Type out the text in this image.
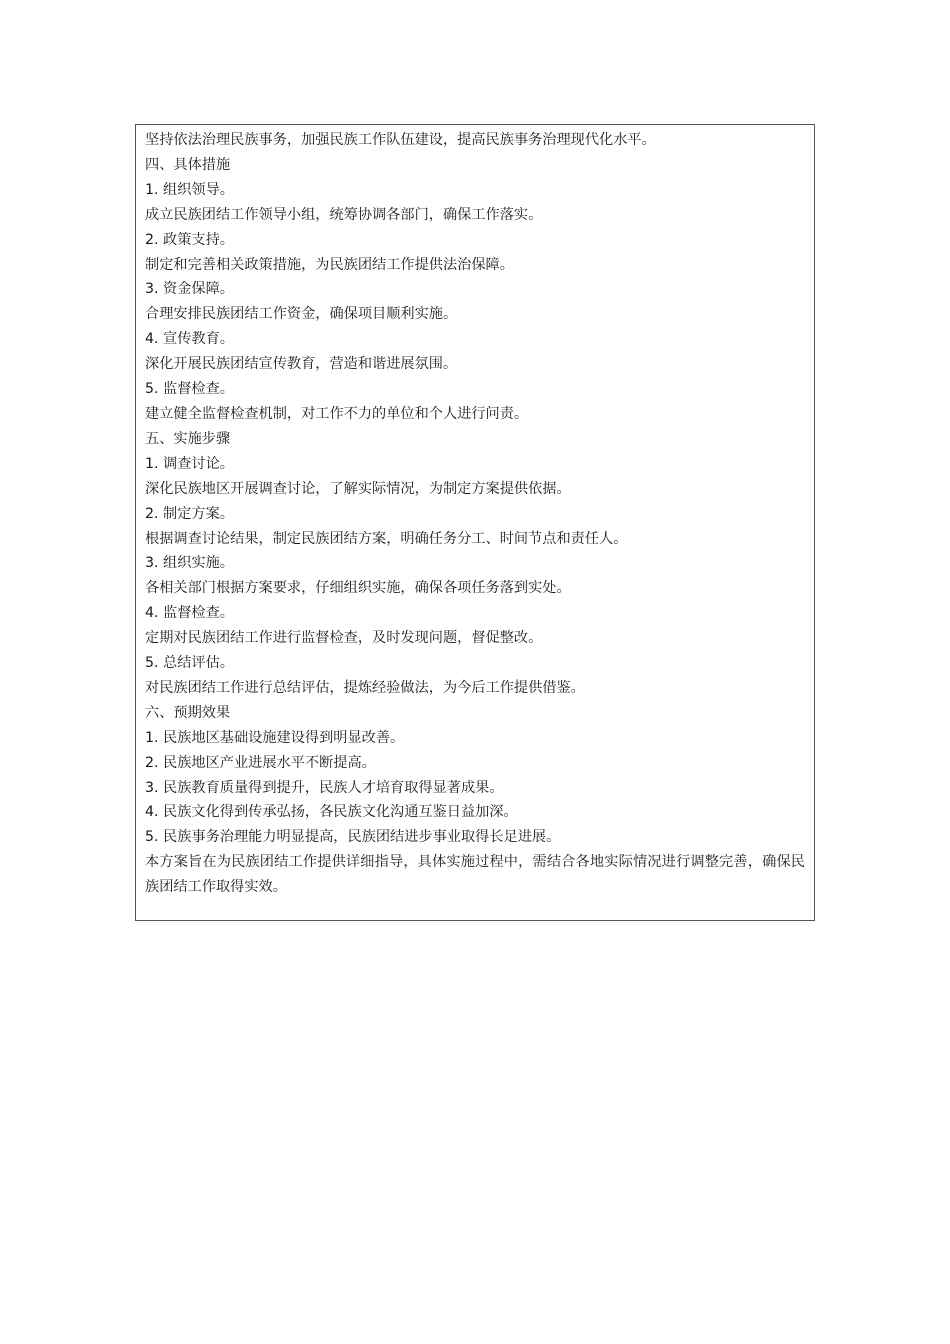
坚持依法治理民族事务，加强民族工作队伍建设，提高民族事务治理现代化水平。
四、具体措施
1. 组织领导。
成立民族团结工作领导小组，统筹协调各部门，确保工作落实。
2. 政策支持。
制定和完善相关政策措施，为民族团结工作提供法治保障。
3. 资金保障。
合理安排民族团结工作资金，确保项目顺利实施。
4. 宣传教育。
深化开展民族团结宣传教育，营造和谐进展氛围。
5. 监督检查。
建立健全监督检查机制，对工作不力的单位和个人进行问责。
五、实施步骤
1. 调查讨论。
深化民族地区开展调查讨论，了解实际情况，为制定方案提供依据。
2. 制定方案。
根据调查讨论结果，制定民族团结方案，明确任务分工、时间节点和责任人。
3. 组织实施。
各相关部门根据方案要求，仔细组织实施，确保各项任务落到实处。
4. 监督检查。
定期对民族团结工作进行监督检查，及时发现问题，督促整改。
5. 总结评估。
对民族团结工作进行总结评估，提炼经验做法，为今后工作提供借鉴。
六、预期效果
1. 民族地区基础设施建设得到明显改善。
2. 民族地区产业进展水平不断提高。
3. 民族教育质量得到提升，民族人才培育取得显著成果。
4. 民族文化得到传承弘扬，各民族文化沟通互鉴日益加深。
5. 民族事务治理能力明显提高，民族团结进步事业取得长足进展。
本方案旨在为民族团结工作提供详细指导，具体实施过程中，需结合各地实际情况进行调整完善，确保民族团结工作取得实效。
